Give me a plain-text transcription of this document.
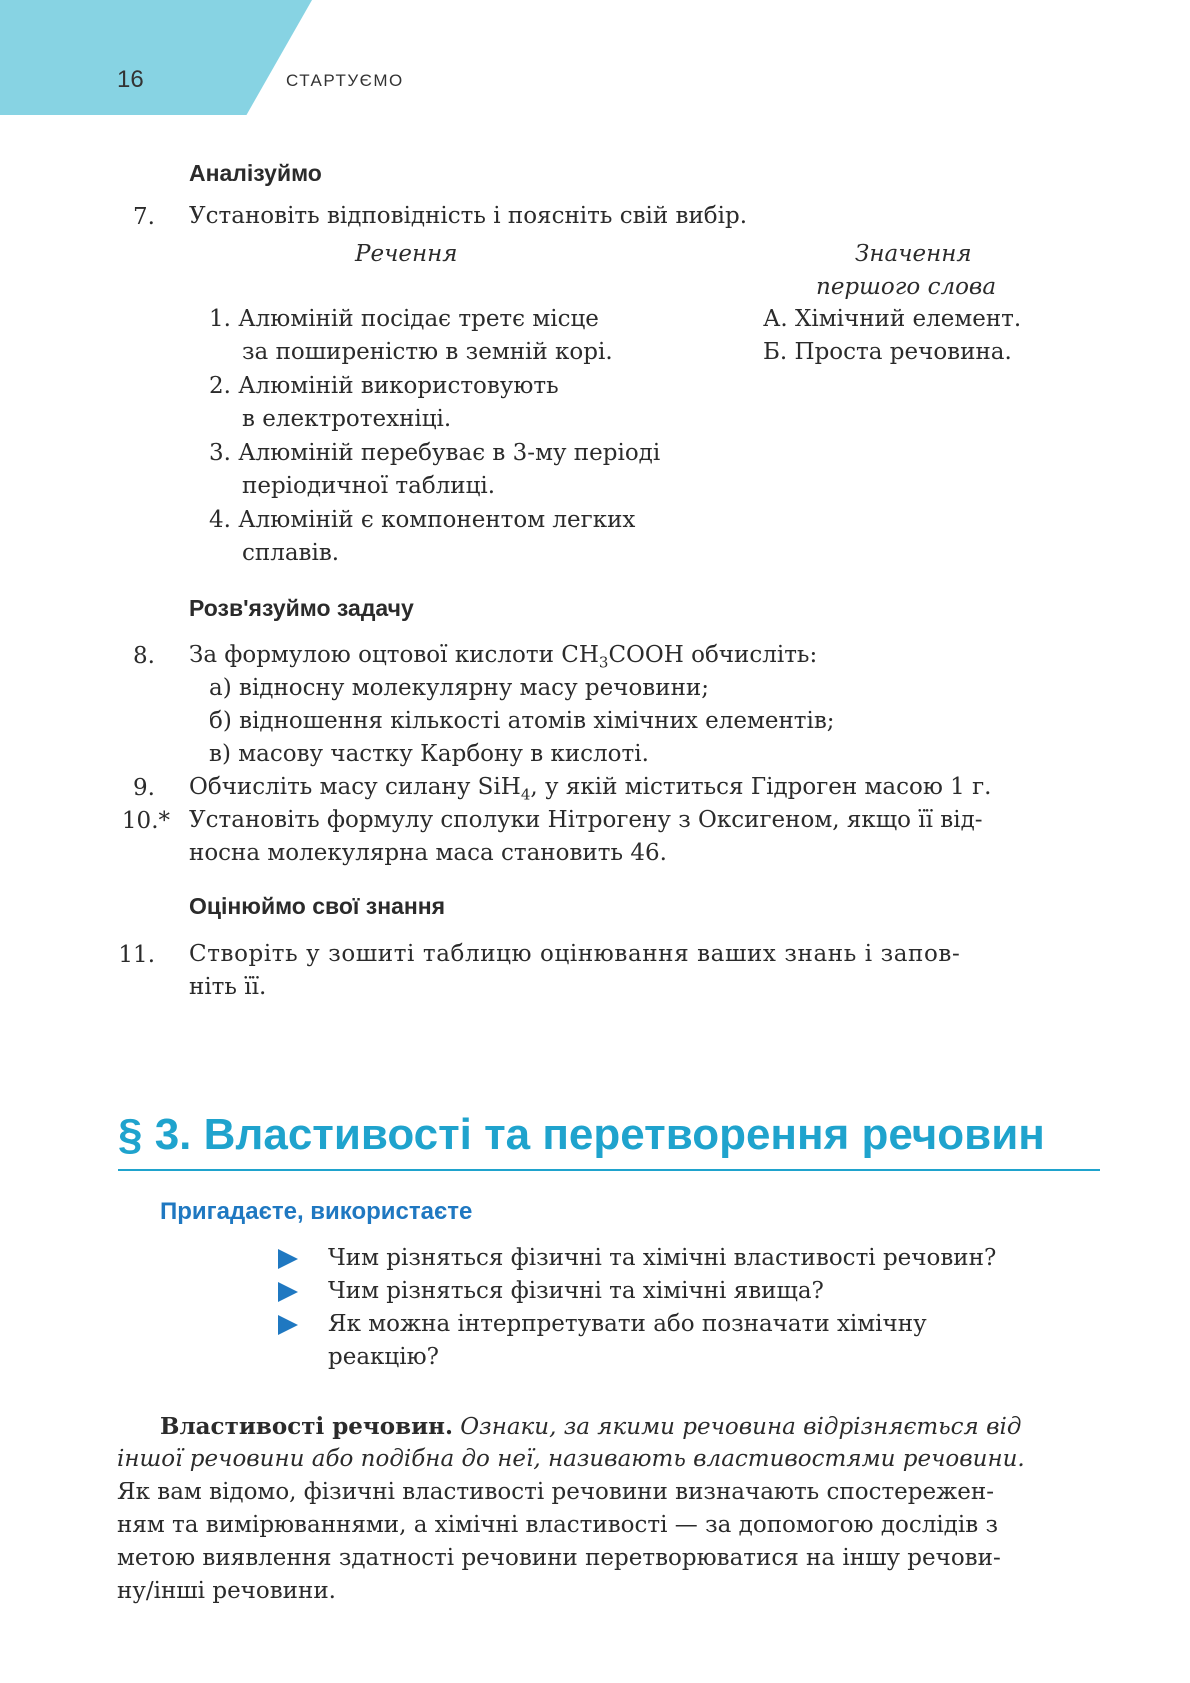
16	СТАРТУЄМО
Аналізуймо
7. Установіть відповідність і поясніть свій вибір.
Речення	Значення
першого слова
1. Алюміній посідає третє місце
за поширеністю в земній корі.
2. Алюміній використовують
в електротехніці.
3. Алюміній перебуває в 3-му періоді
періодичної таблиці.
4. Алюміній є компонентом легких
сплавів.
А. Хімічний елемент.
Б. Проста речовина.
Розв'язуймо задачу
8. За формулою оцтової кислоти $CH_3COOH$ обчисліть:
а) відносну молекулярну масу речовини;
б) відношення кількості атомів хімічних елементів;
в) масову частку Карбону в кислоті.
9. Обчисліть масу силану SiH$_4$, у якій міститься Гідроген масою 1 г.
10.* Установіть формулу сполуки Нітрогену з Оксигеном, якщо її від-
носна молекулярна маса становить 46.
Оцінюймо свої знання
11. Створіть у зошиті таблицю оцінювання ваших знань і запов-
ніть її.
§ 3. Властивості та перетворення речовин
Пригадаєте, використаєте
Чим різняться фізичні та хімічні властивості речовин?
Чим різняться фізичні та хімічні явища?
Як можна інтерпретувати або позначати хімічну
реакцію?
Властивості речовин. Ознаки, за якими речовина відрізняється від
іншої речовини або подібна до неї, називають властивостями речовини.
Як вам відомо, фізичні властивості речовини визначають спостережен-
ням та вимірюваннями, а хімічні властивості — за допомогою дослідів з
метою виявлення здатності речовини перетворюватися на іншу речови-
ну/інші речовини.
